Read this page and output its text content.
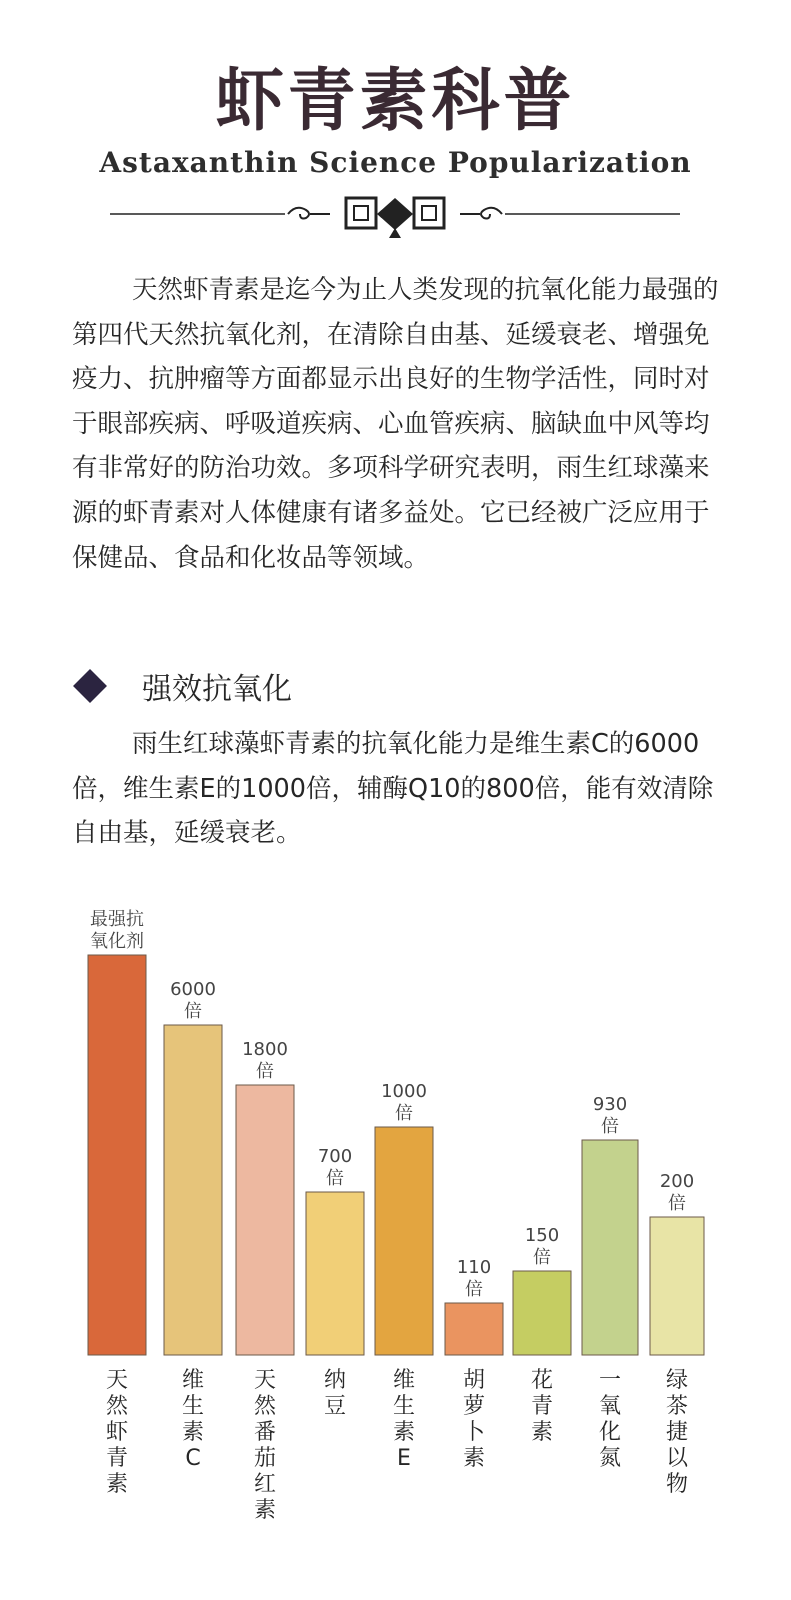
虾青素科普
Astaxanthin Science Popularization

天然虾青素是迄今为止人类发现的抗氧化能力最强的第四代天然抗氧化剂，在清除自由基、延缓衰老、增强免疫力、抗肿瘤等方面都显示出良好的生物学活性，同时对于眼部疾病、呼吸道疾病、心血管疾病、脑缺血中风等均有非常好的防治功效。多项科学研究表明，雨生红球藻来源的虾青素对人体健康有诸多益处。它已经被广泛应用于保健品、食品和化妆品等领域。

强效抗氧化

雨生红球藻虾青素的抗氧化能力是维生素C的6000倍，维生素E的1000倍，辅酶Q10的800倍，能有效清除自由基，延缓衰老。

最强抗
氧化剂
天然虾青素
6000
倍
维生素 C
1800
倍
天然番茄红素
700
倍
纳豆
1000
倍
维生素 E
110
倍
胡萝卜素
150
倍
花青素
930
倍
一氧化氮
200
倍
绿茶捷以物
